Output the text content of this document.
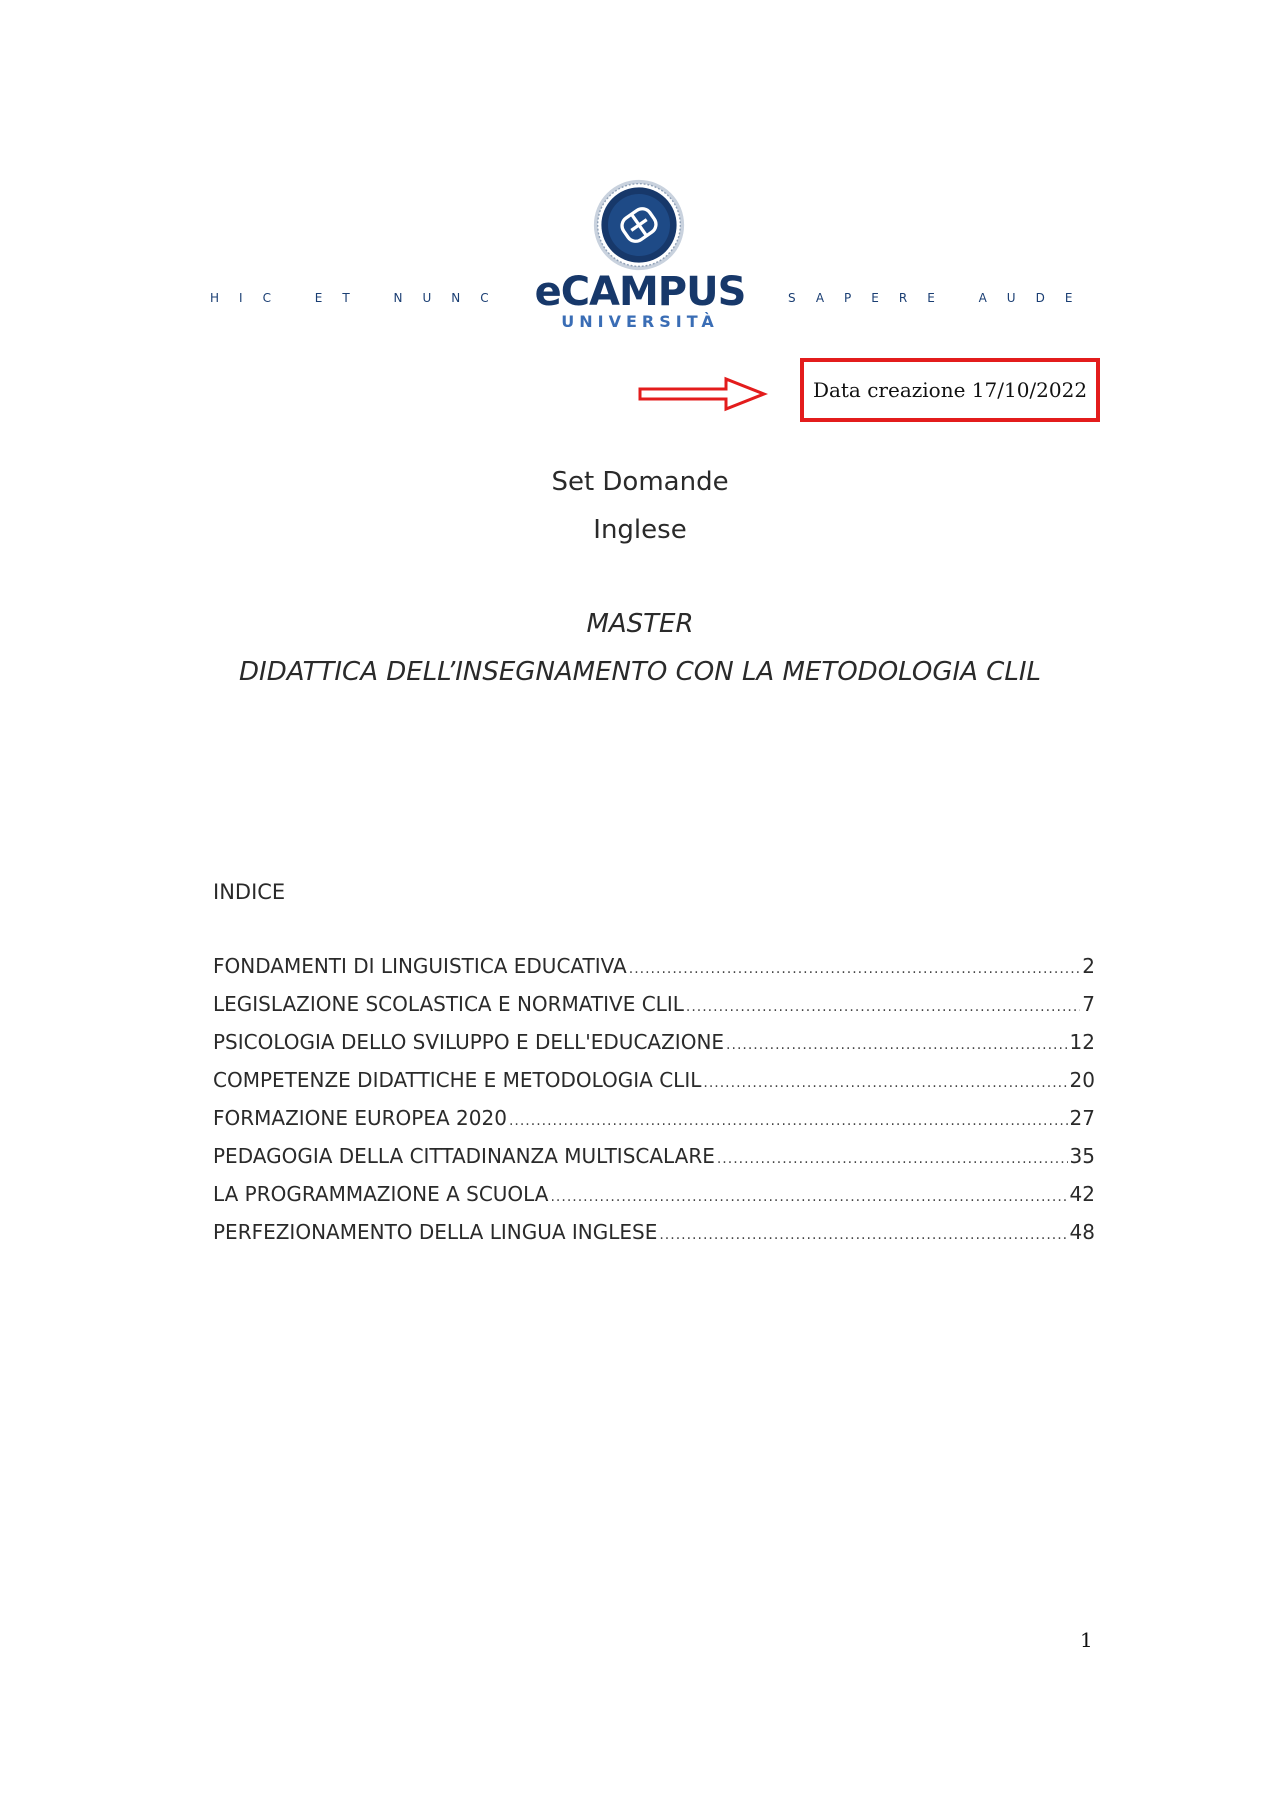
HIC ET NUNC eCAMPUS
UNIVERSITÀ
SAPERE AUDE
Data creazione 17/10/2022
Set Domande
Inglese
MASTER
DIDATTICA DELL’INSEGNAMENTO CON LA METODOLOGIA CLIL
INDICE
FONDAMENTI DI LINGUISTICA EDUCATIVA .....	2
LEGISLAZIONE SCOLASTICA E NORMATIVE CLIL .....	7
PSICOLOGIA DELLO SVILUPPO E DELL'EDUCAZIONE .....	12
COMPETENZE DIDATTICHE E METODOLOGIA CLIL .....	20
FORMAZIONE EUROPEA 2020 .....	27
PEDAGOGIA DELLA CITTADINANZA MULTISCALARE .....	35
LA PROGRAMMAZIONE A SCUOLA .....	42
PERFEZIONAMENTO DELLA LINGUA INGLESE .....	48
1
